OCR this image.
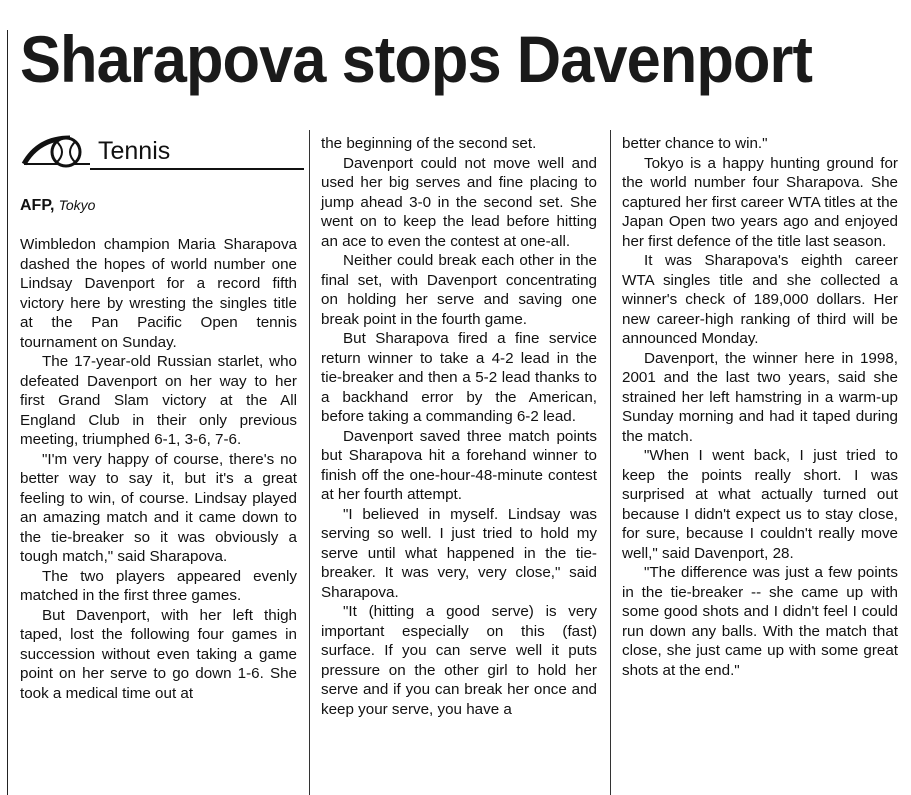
Sharapova stops Davenport
Tennis
AFP, Tokyo

Wimbledon champion Maria Sharapova dashed the hopes of world number one Lindsay Davenport for a record fifth victory here by wresting the singles title at the Pan Pacific Open tennis tournament on Sunday.

The 17-year-old Russian starlet, who defeated Davenport on her way to her first Grand Slam victory at the All England Club in their only previous meeting, triumphed 6-1, 3-6, 7-6.

"I'm very happy of course, there's no better way to say it, but it's a great feeling to win, of course. Lindsay played an amazing match and it came down to the tie-breaker so it was obviously a tough match," said Sharapova.

The two players appeared evenly matched in the first three games.

But Davenport, with her left thigh taped, lost the following four games in succession without even taking a game point on her serve to go down 1-6. She took a medical time out at

the beginning of the second set.

Davenport could not move well and used her big serves and fine placing to jump ahead 3-0 in the second set. She went on to keep the lead before hitting an ace to even the contest at one-all.

Neither could break each other in the final set, with Davenport concentrating on holding her serve and saving one break point in the fourth game.

But Sharapova fired a fine service return winner to take a 4-2 lead in the tie-breaker and then a 5-2 lead thanks to a backhand error by the American, before taking a commanding 6-2 lead.

Davenport saved three match points but Sharapova hit a forehand winner to finish off the one-hour-48-minute contest at her fourth attempt.

"I believed in myself. Lindsay was serving so well. I just tried to hold my serve until what happened in the tie-breaker. It was very, very close," said Sharapova.

"It (hitting a good serve) is very important especially on this (fast) surface. If you can serve well it puts pressure on the other girl to hold her serve and if you can break her once and keep your serve, you have a

better chance to win."

Tokyo is a happy hunting ground for the world number four Sharapova. She captured her first career WTA titles at the Japan Open two years ago and enjoyed her first defence of the title last season.

It was Sharapova's eighth career WTA singles title and she collected a winner's check of 189,000 dollars. Her new career-high ranking of third will be announced Monday.

Davenport, the winner here in 1998, 2001 and the last two years, said she strained her left hamstring in a warm-up Sunday morning and had it taped during the match.

"When I went back, I just tried to keep the points really short. I was surprised at what actually turned out because I didn't expect us to stay close, for sure, because I couldn't really move well," said Davenport, 28.

"The difference was just a few points in the tie-breaker -- she came up with some good shots and I didn't feel I could run down any balls. With the match that close, she just came up with some great shots at the end."
